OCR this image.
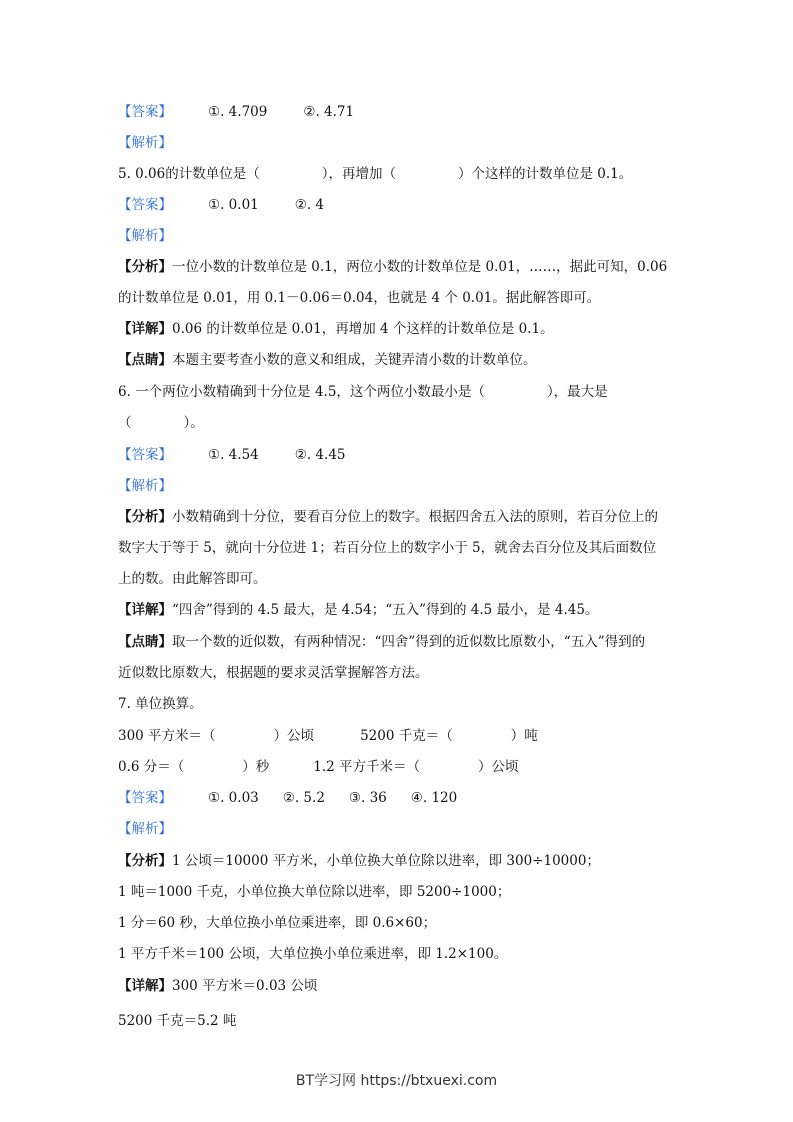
【答案】	①. 4.709	②. 4.71
【解析】
5. 0.06的计数单位是（	），再增加（	）个这样的计数单位是 0.1。
【答案】	①. 0.01	②. 4
【解析】
【分析】一位小数的计数单位是 0.1，两位小数的计数单位是 0.01，……，据此可知，0.06
的计数单位是 0.01，用 0.1－0.06＝0.04，也就是 4 个 0.01。据此解答即可。
【详解】0.06 的计数单位是 0.01，再增加 4 个这样的计数单位是 0.1。
【点睛】本题主要考查小数的意义和组成，关键弄清小数的计数单位。
6. 一个两位小数精确到十分位是 4.5，这个两位小数最小是（	），最大是
（	）。
【答案】	①. 4.54	②. 4.45
【解析】
【分析】小数精确到十分位，要看百分位上的数字。根据四舍五入法的原则，若百分位上的
数字大于等于 5，就向十分位进 1；若百分位上的数字小于 5，就舍去百分位及其后面数位
上的数。由此解答即可。
【详解】“四舍”得到的 4.5 最大，是 4.54；“五入”得到的 4.5 最小，是 4.45。
【点睛】取一个数的近似数，有两种情况：“四舍”得到的近似数比原数小，“五入”得到的
近似数比原数大，根据题的要求灵活掌握解答方法。
7. 单位换算。
300 平方米＝（	）公顷	5200 千克＝（	）吨
0.6 分＝（	）秒	1.2 平方千米＝（	）公顷
【答案】	①. 0.03 ②. 5.2 ③. 36 ④. 120
【解析】
【分析】1 公顷＝10000 平方米，小单位换大单位除以进率，即 300÷10000；
1 吨＝1000 千克，小单位换大单位除以进率，即 5200÷1000；
1 分＝60 秒，大单位换小单位乘进率，即 0.6×60；
1 平方千米＝100 公顷，大单位换小单位乘进率，即 1.2×100。
【详解】300 平方米＝0.03 公顷
5200 千克＝5.2 吨
BT学习网 https://btxuexi.com
